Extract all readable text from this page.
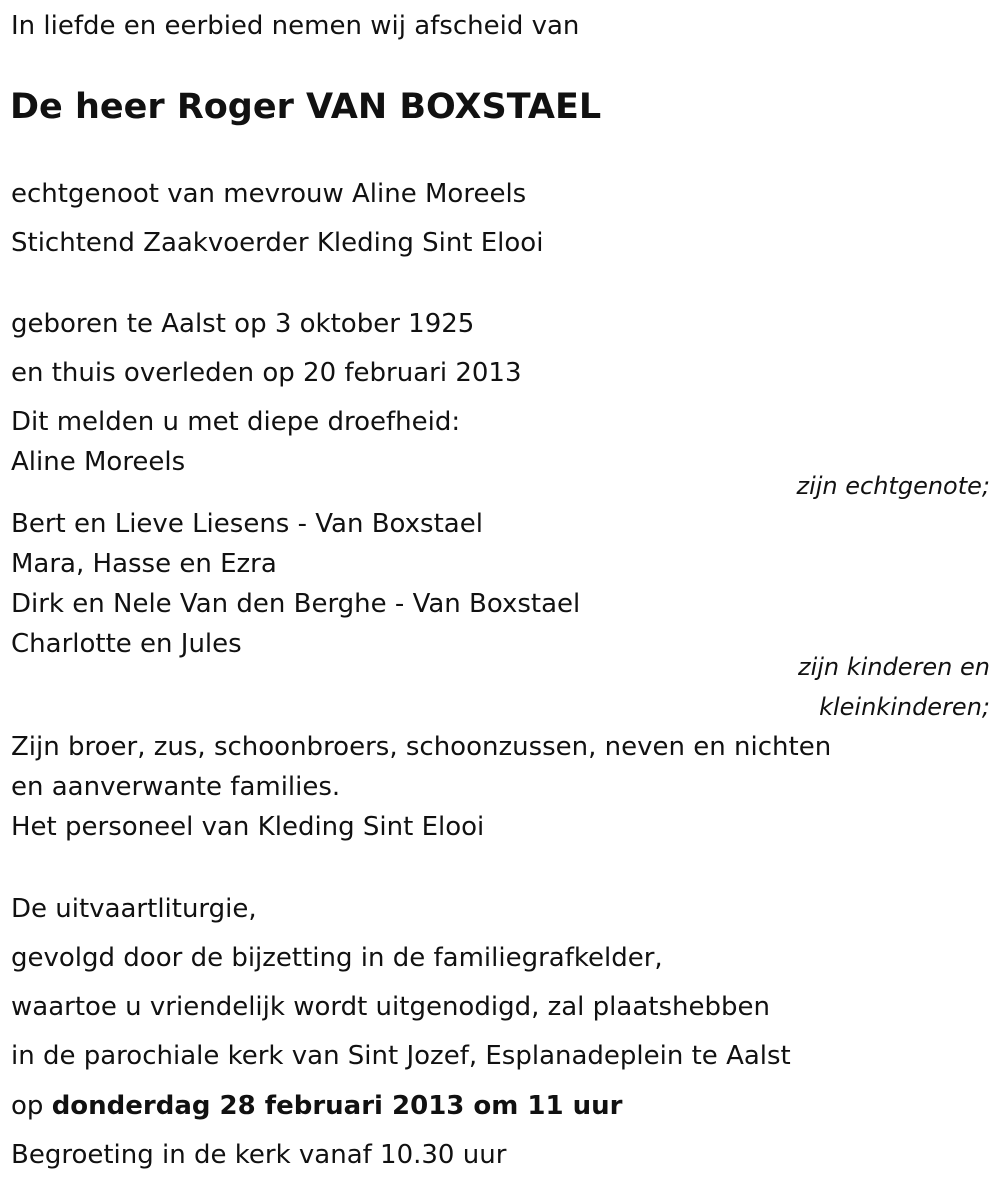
In liefde en eerbied nemen wij afscheid van
De heer Roger VAN BOXSTAEL
echtgenoot van mevrouw Aline Moreels
Stichtend Zaakvoerder Kleding Sint Elooi
geboren te Aalst op 3 oktober 1925
en thuis overleden op 20 februari 2013
Dit melden u met diepe droefheid:
Aline Moreels
zijn echtgenote;
Bert en Lieve Liesens - Van Boxstael
Mara, Hasse en Ezra
Dirk en Nele Van den Berghe - Van Boxstael
Charlotte en Jules
zijn kinderen en
kleinkinderen;
Zijn broer, zus, schoonbroers, schoonzussen, neven en nichten
en aanverwante families.
Het personeel van Kleding Sint Elooi
De uitvaartliturgie,
gevolgd door de bijzetting in de familiegrafkelder,
waartoe u vriendelijk wordt uitgenodigd, zal plaatshebben
in de parochiale kerk van Sint Jozef, Esplanadeplein te Aalst
op donderdag 28 februari 2013 om 11 uur
Begroeting in de kerk vanaf 10.30 uur
